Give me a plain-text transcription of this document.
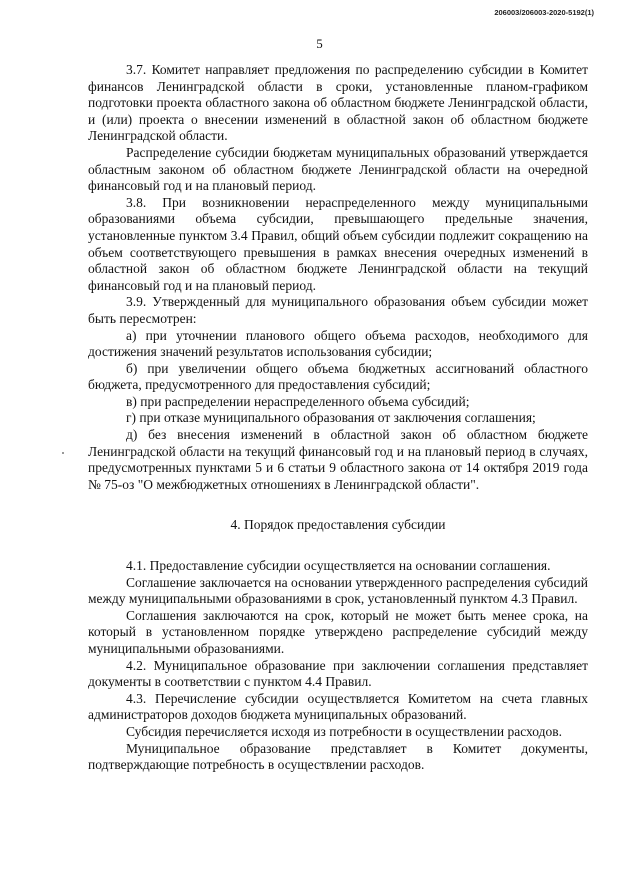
206003/206003-2020-5192(1)
5

3.7. Комитет направляет предложения по распределению субсидии в Комитет финансов Ленинградской области в сроки, установленные планом-графиком подготовки проекта областного закона об областном бюджете Ленинградской области, и (или) проекта о внесении изменений в областной закон об областном бюджете Ленинградской области.

Распределение субсидии бюджетам муниципальных образований утверждается областным законом об областном бюджете Ленинградской области на очередной финансовый год и на плановый период.

3.8. При возникновении нераспределенного между муниципальными образованиями объема субсидии, превышающего предельные значения, установленные пунктом 3.4 Правил, общий объем субсидии подлежит сокращению на объем соответствующего превышения в рамках внесения очередных изменений в областной закон об областном бюджете Ленинградской области на текущий финансовый год и на плановый период.

3.9. Утвержденный для муниципального образования объем субсидии может быть пересмотрен:

а) при уточнении планового общего объема расходов, необходимого для достижения значений результатов использования субсидии;

б) при увеличении общего объема бюджетных ассигнований областного бюджета, предусмотренного для предоставления субсидий;

в) при распределении нераспределенного объема субсидий;

г) при отказе муниципального образования от заключения соглашения;

д) без внесения изменений в областной закон об областном бюджете Ленинградской области на текущий финансовый год и на плановый период в случаях, предусмотренных пунктами 5 и 6 статьи 9 областного закона от 14 октября 2019 года № 75-оз "О межбюджетных отношениях в Ленинградской области".

4. Порядок предоставления субсидии

4.1. Предоставление субсидии осуществляется на основании соглашения.

Соглашение заключается на основании утвержденного распределения субсидий между муниципальными образованиями в срок, установленный пунктом 4.3 Правил.

Соглашения заключаются на срок, который не может быть менее срока, на который в установленном порядке утверждено распределение субсидий между муниципальными образованиями.

4.2. Муниципальное образование при заключении соглашения представляет документы в соответствии с пунктом 4.4 Правил.

4.3. Перечисление субсидии осуществляется Комитетом на счета главных администраторов доходов бюджета муниципальных образований.

Субсидия перечисляется исходя из потребности в осуществлении расходов.

Муниципальное образование представляет в Комитет документы, подтверждающие потребность в осуществлении расходов.
